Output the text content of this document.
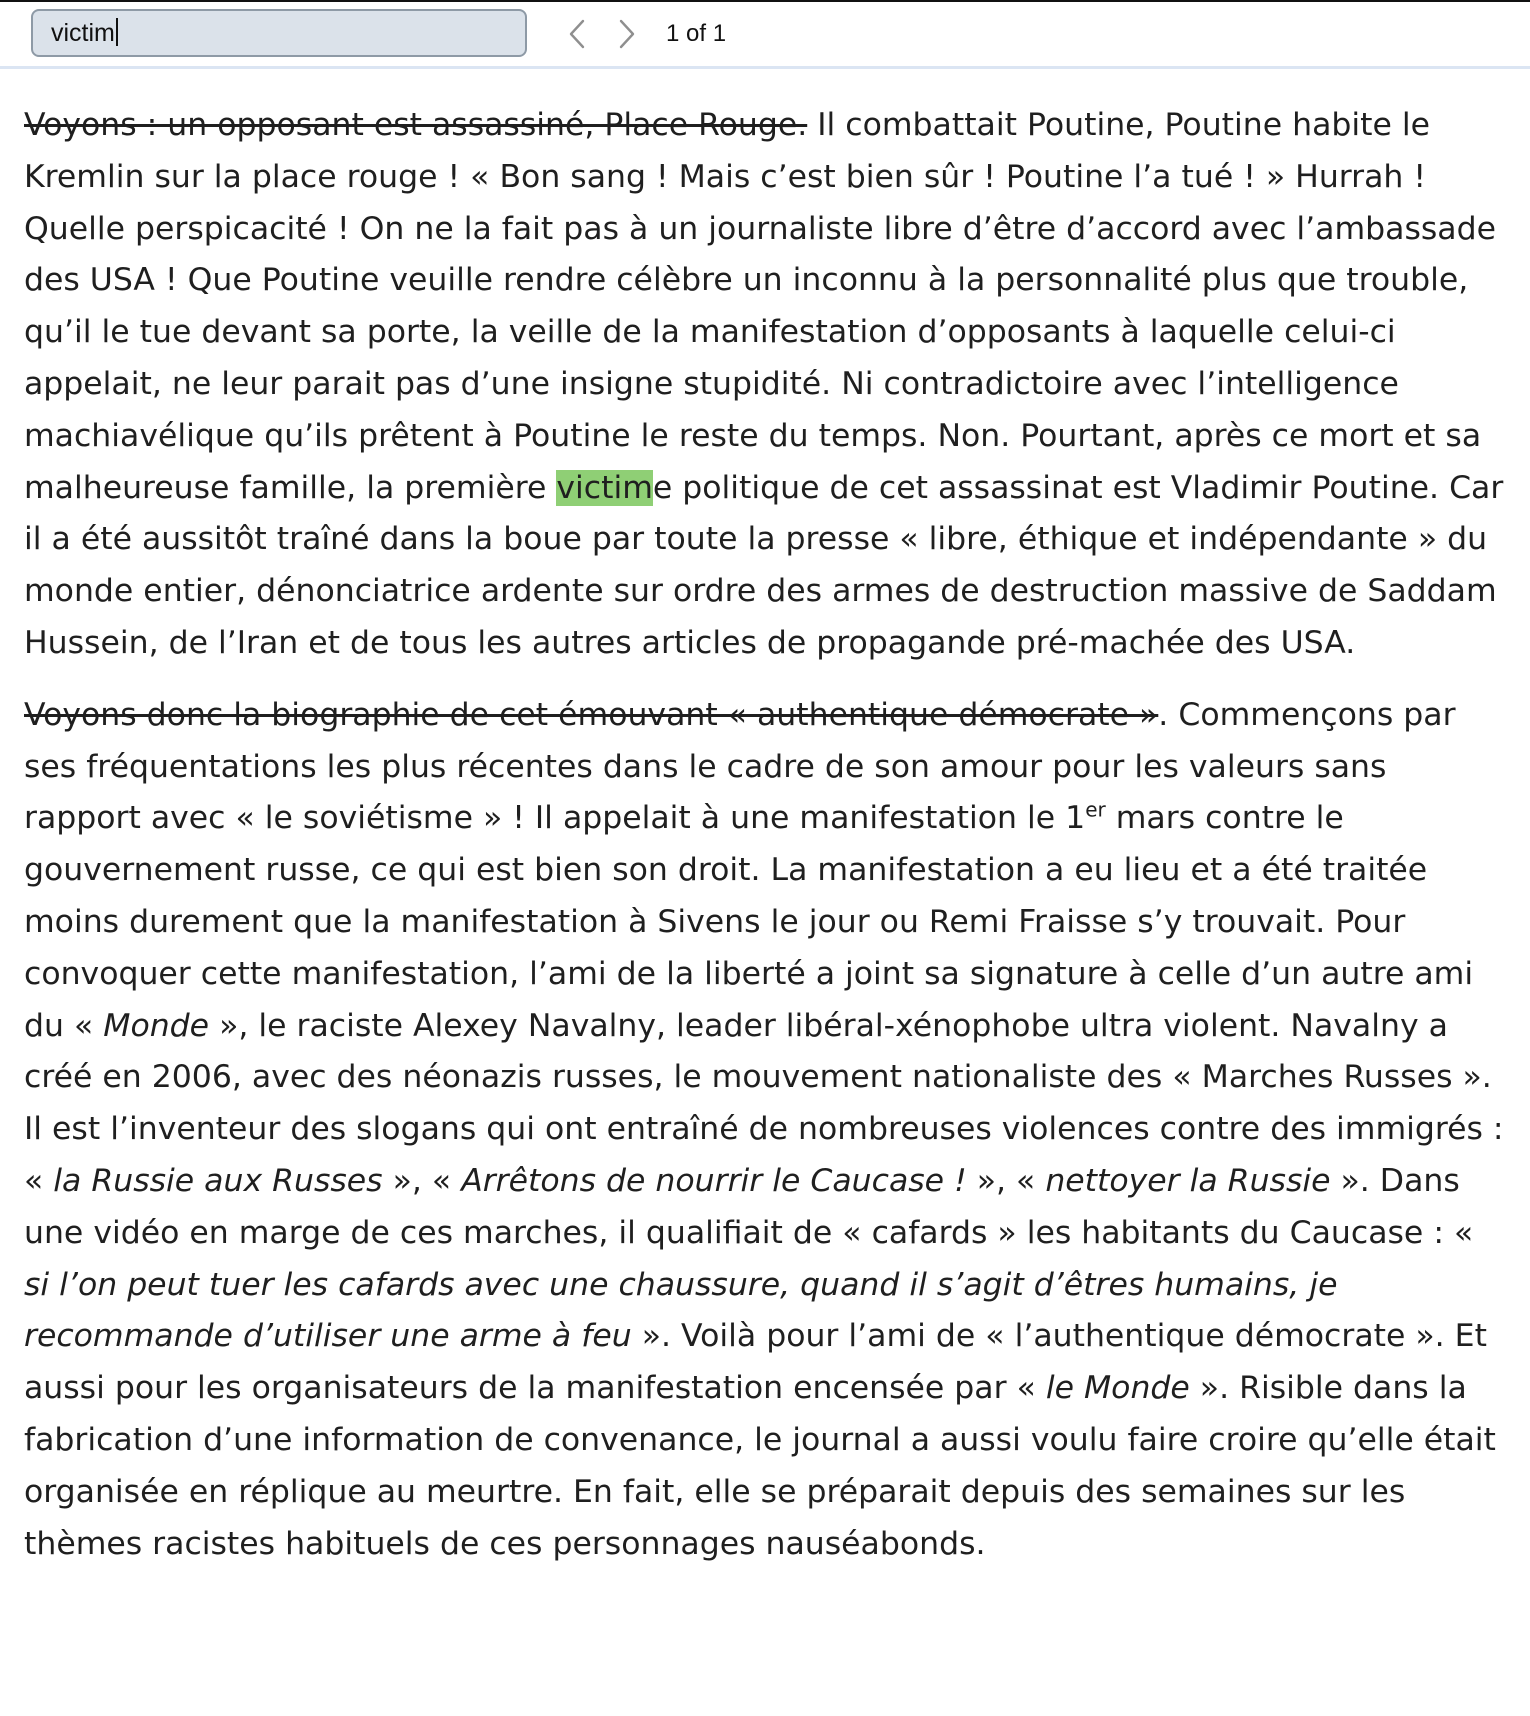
victim	1 of 1

Voyons : un opposant est assassiné, Place Rouge. Il combattait Poutine, Poutine habite le Kremlin sur la place rouge ! « Bon sang ! Mais c’est bien sûr ! Poutine l’a tué ! » Hurrah ! Quelle perspicacité ! On ne la fait pas à un journaliste libre d’être d’accord avec l’ambassade des USA ! Que Poutine veuille rendre célèbre un inconnu à la personnalité plus que trouble, qu’il le tue devant sa porte, la veille de la manifestation d’opposants à laquelle celui-ci appelait, ne leur parait pas d’une insigne stupidité. Ni contradictoire avec l’intelligence machiavélique qu’ils prêtent à Poutine le reste du temps. Non. Pourtant, après ce mort et sa malheureuse famille, la première victime politique de cet assassinat est Vladimir Poutine. Car il a été aussitôt traîné dans la boue par toute la presse « libre, éthique et indépendante » du monde entier, dénonciatrice ardente sur ordre des armes de destruction massive de Saddam Hussein, de l’Iran et de tous les autres articles de propagande pré-machée des USA.

Voyons donc la biographie de cet émouvant « authentique démocrate ». Commençons par ses fréquentations les plus récentes dans le cadre de son amour pour les valeurs sans rapport avec « le soviétisme » ! Il appelait à une manifestation le 1er mars contre le gouvernement russe, ce qui est bien son droit. La manifestation a eu lieu et a été traitée moins durement que la manifestation à Sivens le jour ou Remi Fraisse s’y trouvait. Pour convoquer cette manifestation, l’ami de la liberté a joint sa signature à celle d’un autre ami du « Monde », le raciste Alexey Navalny, leader libéral-xénophobe ultra violent. Navalny a créé en 2006, avec des néonazis russes, le mouvement nationaliste des « Marches Russes ». Il est l’inventeur des slogans qui ont entraîné de nombreuses violences contre des immigrés : « la Russie aux Russes », « Arrêtons de nourrir le Caucase ! », « nettoyer la Russie ». Dans une vidéo en marge de ces marches, il qualifiait de « cafards » les habitants du Caucase : « si l’on peut tuer les cafards avec une chaussure, quand il s’agit d’êtres humains, je recommande d’utiliser une arme à feu ». Voilà pour l’ami de « l’authentique démocrate ». Et aussi pour les organisateurs de la manifestation encensée par « le Monde ». Risible dans la fabrication d’une information de convenance, le journal a aussi voulu faire croire qu’elle était organisée en réplique au meurtre. En fait, elle se préparait depuis des semaines sur les thèmes racistes habituels de ces personnages nauséabonds.
